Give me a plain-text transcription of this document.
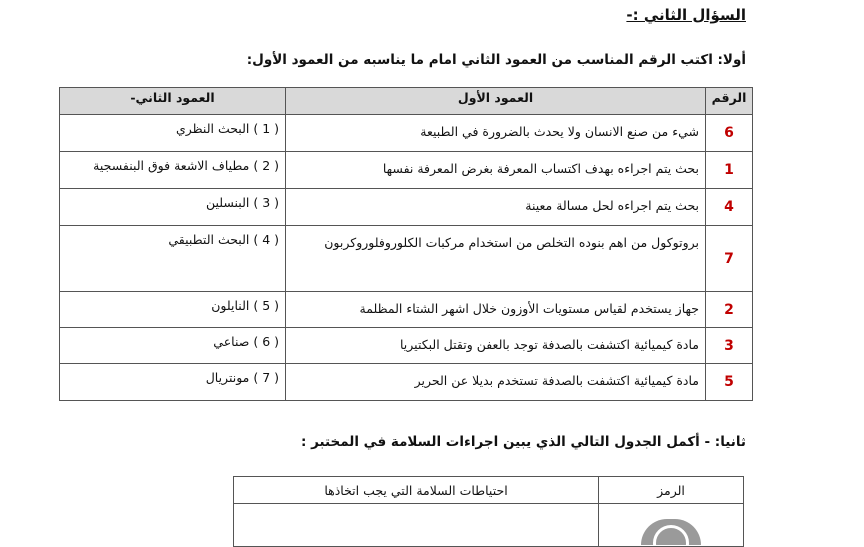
السؤال الثاني :-
أولا: اكتب الرقم المناسب من العمود الثاني امام ما يناسبه من العمود الأول:
الرقم	العمود الأول	العمود الثاني-
6	شيء من صنع الانسان ولا يحدث بالضرورة في الطبيعة	( 1 ) البحث النظري
1	بحث يتم اجراءه بهدف اكتساب المعرفة بغرض المعرفة نفسها	( 2 ) مطياف الاشعة فوق البنفسجية
4	بحث يتم اجراءه لحل مسالة معينة	( 3 ) البنسلين
7	بروتوكول من اهم بنوده التخلص من استخدام مركبات الكلوروفلوروكربون	( 4 ) البحث التطبيقي
2	جهاز يستخدم لقياس مستويات الأوزون خلال اشهر الشتاء المظلمة	( 5 ) النايلون
3	مادة كيميائية اكتشفت بالصدفة توجد بالعفن وتقتل البكتيريا	( 6 ) صناعي
5	مادة كيميائية اكتشفت بالصدفة تستخدم بديلا عن الحرير	( 7 ) مونتريال
ثانيا: - أكمل الجدول التالي الذي يبين اجراءات السلامة في المختبر :
الرمز	احتياطات السلامة التي يجب اتخاذها
